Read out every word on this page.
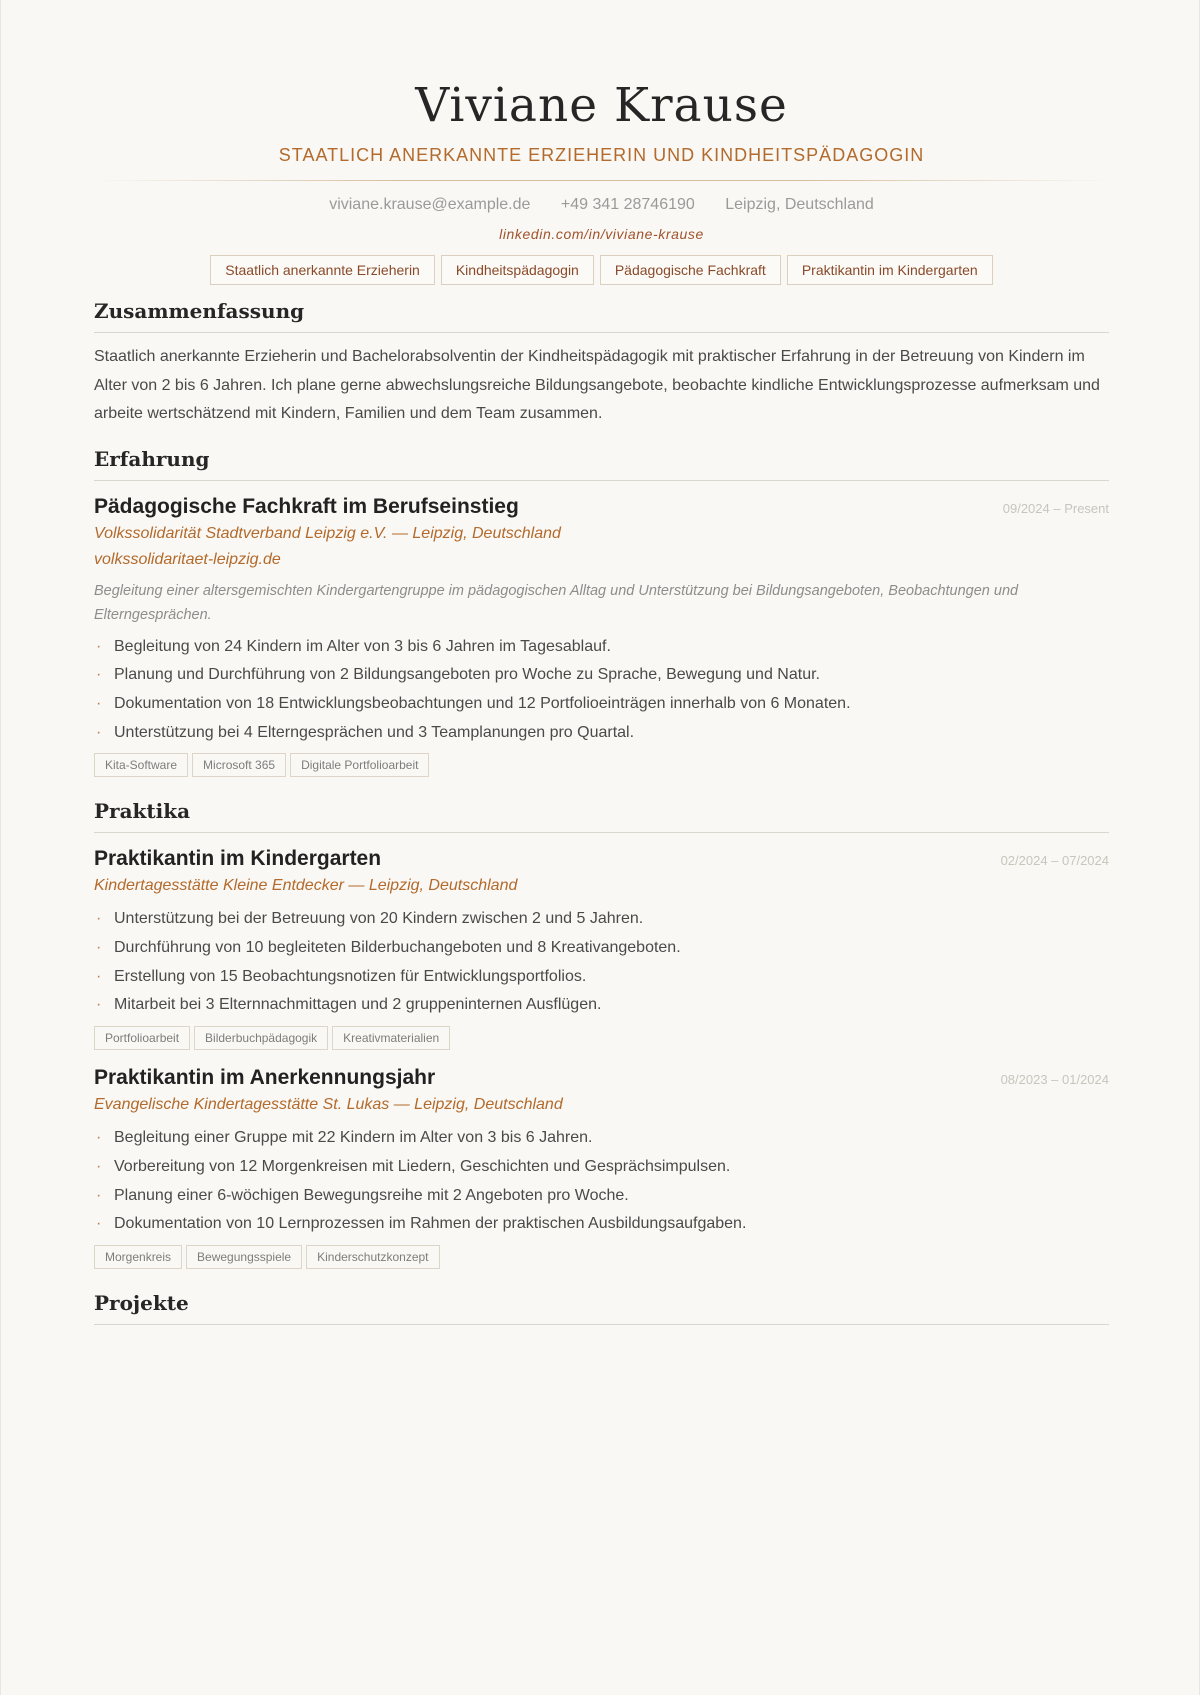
Viviane Krause
STAATLICH ANERKANNTE ERZIEHERIN UND KINDHEITSPÄDAGOGIN
viviane.krause@example.de +49 341 28746190 Leipzig, Deutschland
linkedin.com/in/viviane-krause
Staatlich anerkannte Erzieherin	Kindheitspädagogin	Pädagogische Fachkraft	Praktikantin im Kindergarten
Zusammenfassung
Staatlich anerkannte Erzieherin und Bachelorabsolventin der Kindheitspädagogik mit praktischer Erfahrung in der Betreuung von Kindern im Alter von 2 bis 6 Jahren. Ich plane gerne abwechslungsreiche Bildungsangebote, beobachte kindliche Entwicklungsprozesse aufmerksam und arbeite wertschätzend mit Kindern, Familien und dem Team zusammen.
Erfahrung
Pädagogische Fachkraft im Berufseinstieg	09/2024 – Present
Volkssolidarität Stadtverband Leipzig e.V. — Leipzig, Deutschland
volkssolidaritaet-leipzig.de
Begleitung einer altersgemischten Kindergartengruppe im pädagogischen Alltag und Unterstützung bei Bildungsangeboten, Beobachtungen und Elterngesprächen.
· Begleitung von 24 Kindern im Alter von 3 bis 6 Jahren im Tagesablauf.
· Planung und Durchführung von 2 Bildungsangeboten pro Woche zu Sprache, Bewegung und Natur.
· Dokumentation von 18 Entwicklungsbeobachtungen und 12 Portfolioeinträgen innerhalb von 6 Monaten.
· Unterstützung bei 4 Elterngesprächen und 3 Teamplanungen pro Quartal.
Kita-Software Microsoft 365 Digitale Portfolioarbeit
Praktika
Praktikantin im Kindergarten	02/2024 – 07/2024
Kindertagesstätte Kleine Entdecker — Leipzig, Deutschland
· Unterstützung bei der Betreuung von 20 Kindern zwischen 2 und 5 Jahren.
· Durchführung von 10 begleiteten Bilderbuchangeboten und 8 Kreativangeboten.
· Erstellung von 15 Beobachtungsnotizen für Entwicklungsportfolios.
· Mitarbeit bei 3 Elternnachmittagen und 2 gruppeninternen Ausflügen.
Portfolioarbeit Bilderbuchpädagogik Kreativmaterialien
Praktikantin im Anerkennungsjahr	08/2023 – 01/2024
Evangelische Kindertagesstätte St. Lukas — Leipzig, Deutschland
· Begleitung einer Gruppe mit 22 Kindern im Alter von 3 bis 6 Jahren.
· Vorbereitung von 12 Morgenkreisen mit Liedern, Geschichten und Gesprächsimpulsen.
· Planung einer 6-wöchigen Bewegungsreihe mit 2 Angeboten pro Woche.
· Dokumentation von 10 Lernprozessen im Rahmen der praktischen Ausbildungsaufgaben.
Morgenkreis Bewegungsspiele Kinderschutzkonzept
Projekte
